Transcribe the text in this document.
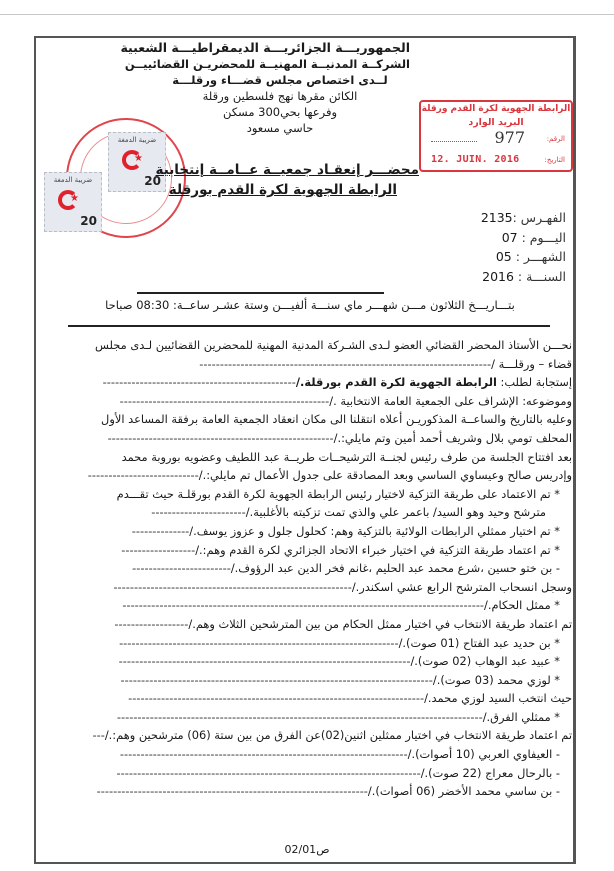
الجمهوريـــة الجزائريـــة الديمقراطيـــة الشعبية
الشركــة المدنيــة المهنيــة للمحضريـن القضائييــن
لــدى اختصاص مجلس قضـــاء ورقلـــة
الكائن مقرها نهج فلسطين ورقلة
وفرعها بحي300 مسكن
حاسي مسعود
الرابطة الجهوية لكرة القدم ورقلة
البريد الوارد
الرقم:
977
التاريخ:
12. JUIN. 2016
ضريبة الدمغة
★
20
ضريبة الدمغة
★
20
محضـــر إنعقـاد جمعيــة عــامــة إنتخابية
الرابطة الجهوية لكرة القدم بورقلة
الفهـرس :2135
اليـــوم : 07
الشهـــر : 05
السنـــة : 2016
بتـــاريـــخ الثلاثون مـــن شهـــر ماي سنـــة ألفيـــن وستة عشـر ساعــة: 08:30 صباحا
نحـــن الأستاذ المحضر القضائي العضو لـدى الشـركة المدنية المهنية للمحضرين القضائيين لـدى مجلس
قضاء – ورقلـــة /-----------------------------------------------------------------------
إستجابة لطلب: الرابطة الجهوية لكرة القدم بورقلة./-----------------------------------------------
وموضوعه: الإشراف على الجمعية العامة الانتخابية ./---------------------------------------------------
وعليه بالتاريخ والساعــة المذكوريـن أعلاه انتقلنا الى مكان انعقاد الجمعية العامة برفقة المساعد الأول
المحلف تومي بلال وشريف أحمد أمين وتم مايلي:./-------------------------------------------------------
بعد افتتاح الجلسة من طرف رئيس لجنــة الترشيحــات طريــة عبد اللطيف وعضويه بوروبة محمد
وإدريس صالح وعيساوي الساسي وبعد المصادقة على جدول الأعمال تم مايلي:./---------------------------
* تم الاعتماد على طريقة التزكية لاختيار رئيس الرابطة الجهوية لكرة القدم بورقلـة حيث تقـــدم
مترشح وحيد وهو السيد/ باعمر علي والذي تمت تزكيته بالأغلبية./-----------------------
* تم اختيار ممثلي الرابطات الولائية بالتزكية وهم: كحلول جلول و عزوز يوسف./--------------
* تم اعتماد طريقة التزكية في اختيار خبراء الاتحاد الجزائري لكرة القدم وهم:./------------------
- بن ختو حسين ،شرع محمد عبد الحليم ،غانم فخر الدين عبد الرؤوف./------------------------
وسجل انسحاب المترشح الرابع عشي اسكندر./----------------------------------------------------------
* ممثل الحكام./----------------------------------------------------------------------------------------
تم اعتماد طريقة الانتخاب في اختيار ممثل الحكام من بين المترشحين الثلاث وهم./------------------
* بن حديد عبد الفتاح (01 صوت)./--------------------------------------------------------------------
* عبيد عبد الوهاب (02 صوت)./-----------------------------------------------------------------------
* لوزي محمد (03 صوت)./----------------------------------------------------------------------------
حيث انتخب السيد لوزي محمد./------------------------------------------------------------------------
* ممثلي الفرق./-----------------------------------------------------------------------------------------
تم اعتماد طريقة الانتخاب في اختيار ممثلين اثنين(02)عن الفرق من بين ستة (06) مترشحين وهم:./---
- العيفاوي العربي (10 أصوات)./----------------------------------------------------------------------
- بالرحال معراج (22 صوت)./--------------------------------------------------------------------------
- بن ساسي محمد الأخضر (06 أصوات)./------------------------------------------------------------------
ص02/01
